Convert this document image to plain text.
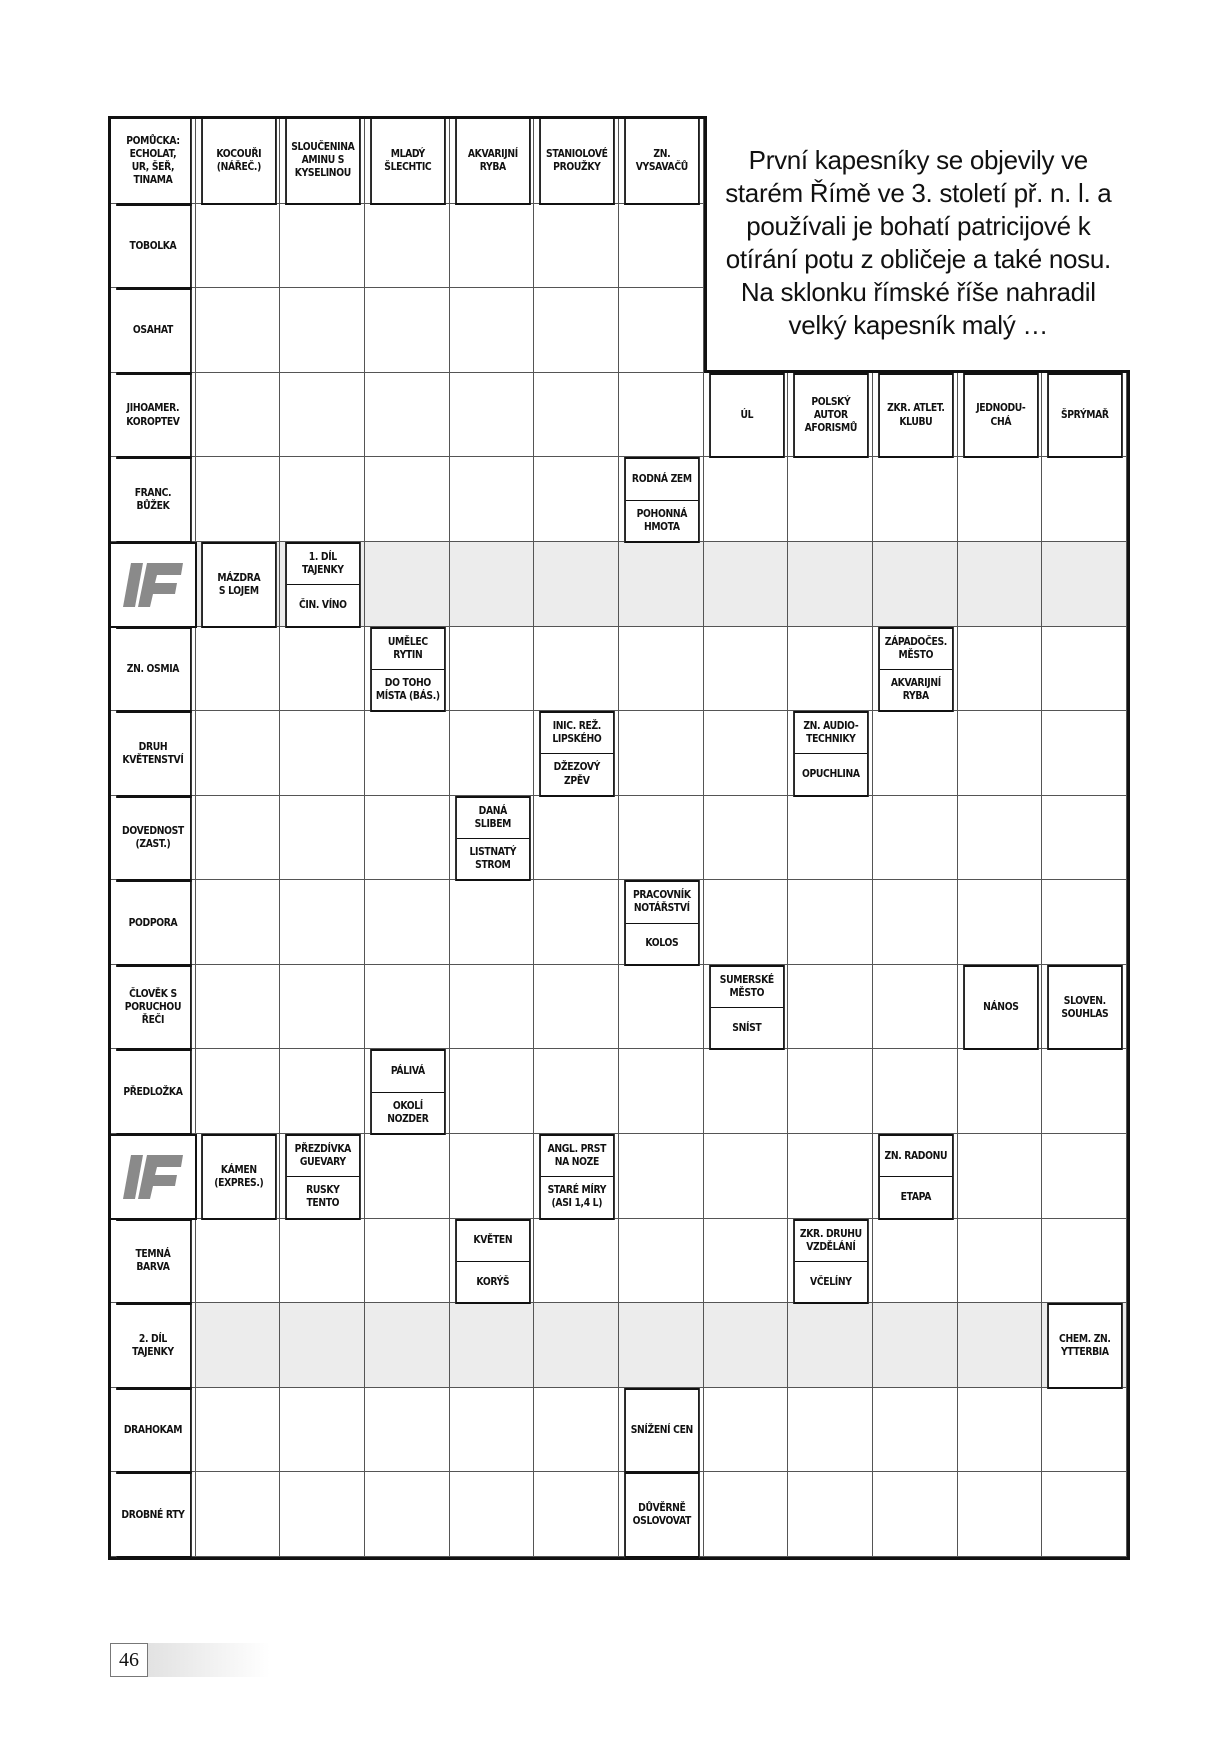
První kapesníky se objevily ve starém Římě ve 3. století př. n. l. a používali je bohatí patricijové k otírání potu z obličeje a také nosu. Na sklonku římské říše nahradil velký kapesník malý …
POMŮCKA:
ECHOLAT,
UR, ŠEŘ,
TINAMA
KOCOUŘI
(NÁŘEČ.)
SLOUČENINA
AMINU S
KYSELINOU
MLADÝ
ŠLECHTIC
AKVARIJNÍ
RYBA
STANIOLOVÉ
PROUŽKY
ZN.
VYSAVAČŮ
TOBOLKA
OSAHAT
JIHOAMER.
KOROPTEV
ÚL
POLSKÝ
AUTOR
AFORISMŮ
ZKR. ATLET.
KLUBU
JEDNODU-
CHÁ
ŠPRÝMAŘ
FRANC.
BŮŽEK
RODNÁ ZEM
POHONNÁ
HMOTA
MÁZDRA
S LOJEM
1. DÍL
TAJENKY
ČIN. VÍNO
ZN. OSMIA
UMĚLEC
RYTIN
DO TOHO
MÍSTA (BÁS.)
ZÁPADOČES.
MĚSTO
AKVARIJNÍ
RYBA
DRUH
KVĚTENSTVÍ
INIC. REŽ.
LIPSKÉHO
DŽEZOVÝ
ZPĚV
ZN. AUDIO-
TECHNIKY
OPUCHLINA
DOVEDNOST
(ZAST.)
DANÁ
SLIBEM
LISTNATÝ
STROM
PODPORA
PRACOVNÍK
NOTÁŘSTVÍ
KOLOS
ČLOVĚK S
PORUCHOU
ŘEČI
SUMERSKÉ
MĚSTO
SNÍST
NÁNOS
SLOVEN.
SOUHLAS
PŘEDLOŽKA
PÁLIVÁ
OKOLÍ
NOZDER
KÁMEN
(EXPRES.)
PŘEZDÍVKA
GUEVARY
RUSKY
TENTO
ANGL. PRST
NA NOZE
STARÉ MÍRY
(ASI 1,4 L)
ZN. RADONU
ETAPA
TEMNÁ
BARVA
KVĚTEN
KORÝŠ
ZKR. DRUHU
VZDĚLÁNÍ
VČELÍNY
2. DÍL
TAJENKY
CHEM. ZN.
YTTERBIA
DRAHOKAM	SNÍŽENÍ CEN
DROBNÉ RTY
DŮVĚRNĚ
OSLOVOVAT
46
